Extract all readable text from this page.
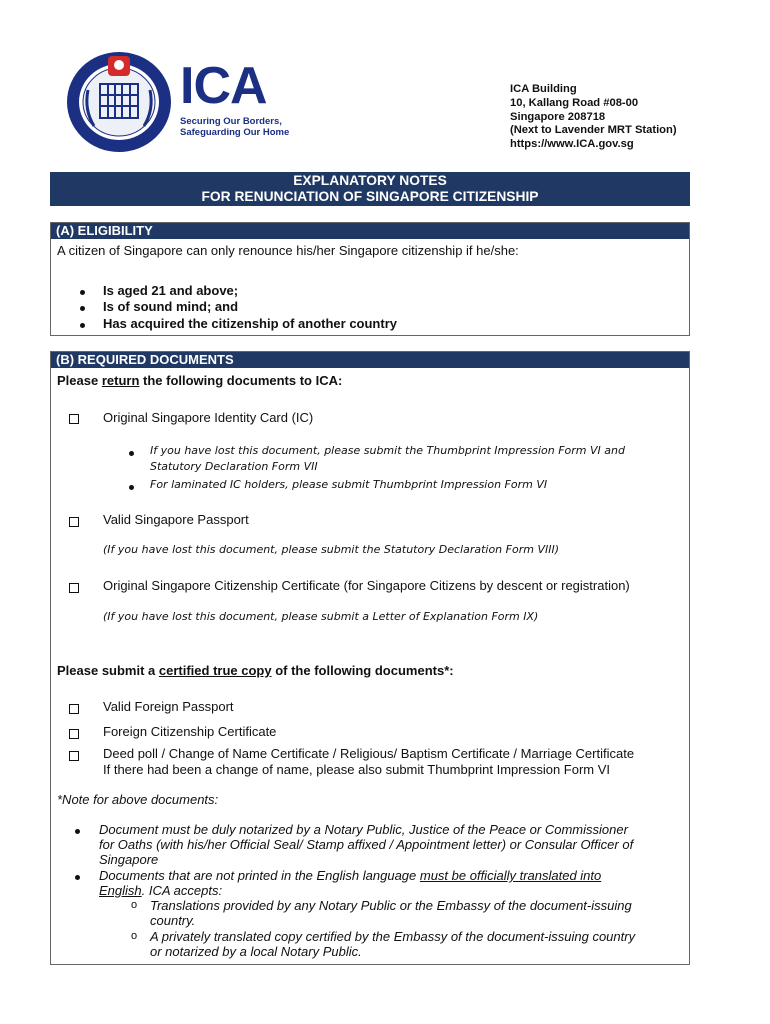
ICA
Securing Our Borders,
Safeguarding Our Home
ICA Building
10, Kallang Road #08-00
Singapore 208718
(Next to Lavender MRT Station)
https://www.ICA.gov.sg
EXPLANATORY NOTES
FOR RENUNCIATION OF SINGAPORE CITIZENSHIP
(A) ELIGIBILITY
A citizen of Singapore can only renounce his/her Singapore citizenship if he/she:
Is aged 21 and above;
Is of sound mind; and
Has acquired the citizenship of another country
(B) REQUIRED DOCUMENTS
Please return the following documents to ICA:
Original Singapore Identity Card (IC)
If you have lost this document, please submit the Thumbprint Impression Form VI and
Statutory Declaration Form VII
For laminated IC holders, please submit Thumbprint Impression Form VI
Valid Singapore Passport
(If you have lost this document, please submit the Statutory Declaration Form VIII)
Original Singapore Citizenship Certificate (for Singapore Citizens by descent or registration)
(If you have lost this document, please submit a Letter of Explanation Form IX)
Please submit a certified true copy of the following documents*:
Valid Foreign Passport
Foreign Citizenship Certificate
Deed poll / Change of Name Certificate / Religious/ Baptism Certificate / Marriage Certificate
If there had been a change of name, please also submit Thumbprint Impression Form VI
*Note for above documents:
Document must be duly notarized by a Notary Public, Justice of the Peace or Commissioner
for Oaths (with his/her Official Seal/ Stamp affixed / Appointment letter) or Consular Officer of
Singapore
Documents that are not printed in the English language must be officially translated into
English. ICA accepts:
o Translations provided by any Notary Public or the Embassy of the document-issuing
country.
o A privately translated copy certified by the Embassy of the document-issuing country
or notarized by a local Notary Public.
